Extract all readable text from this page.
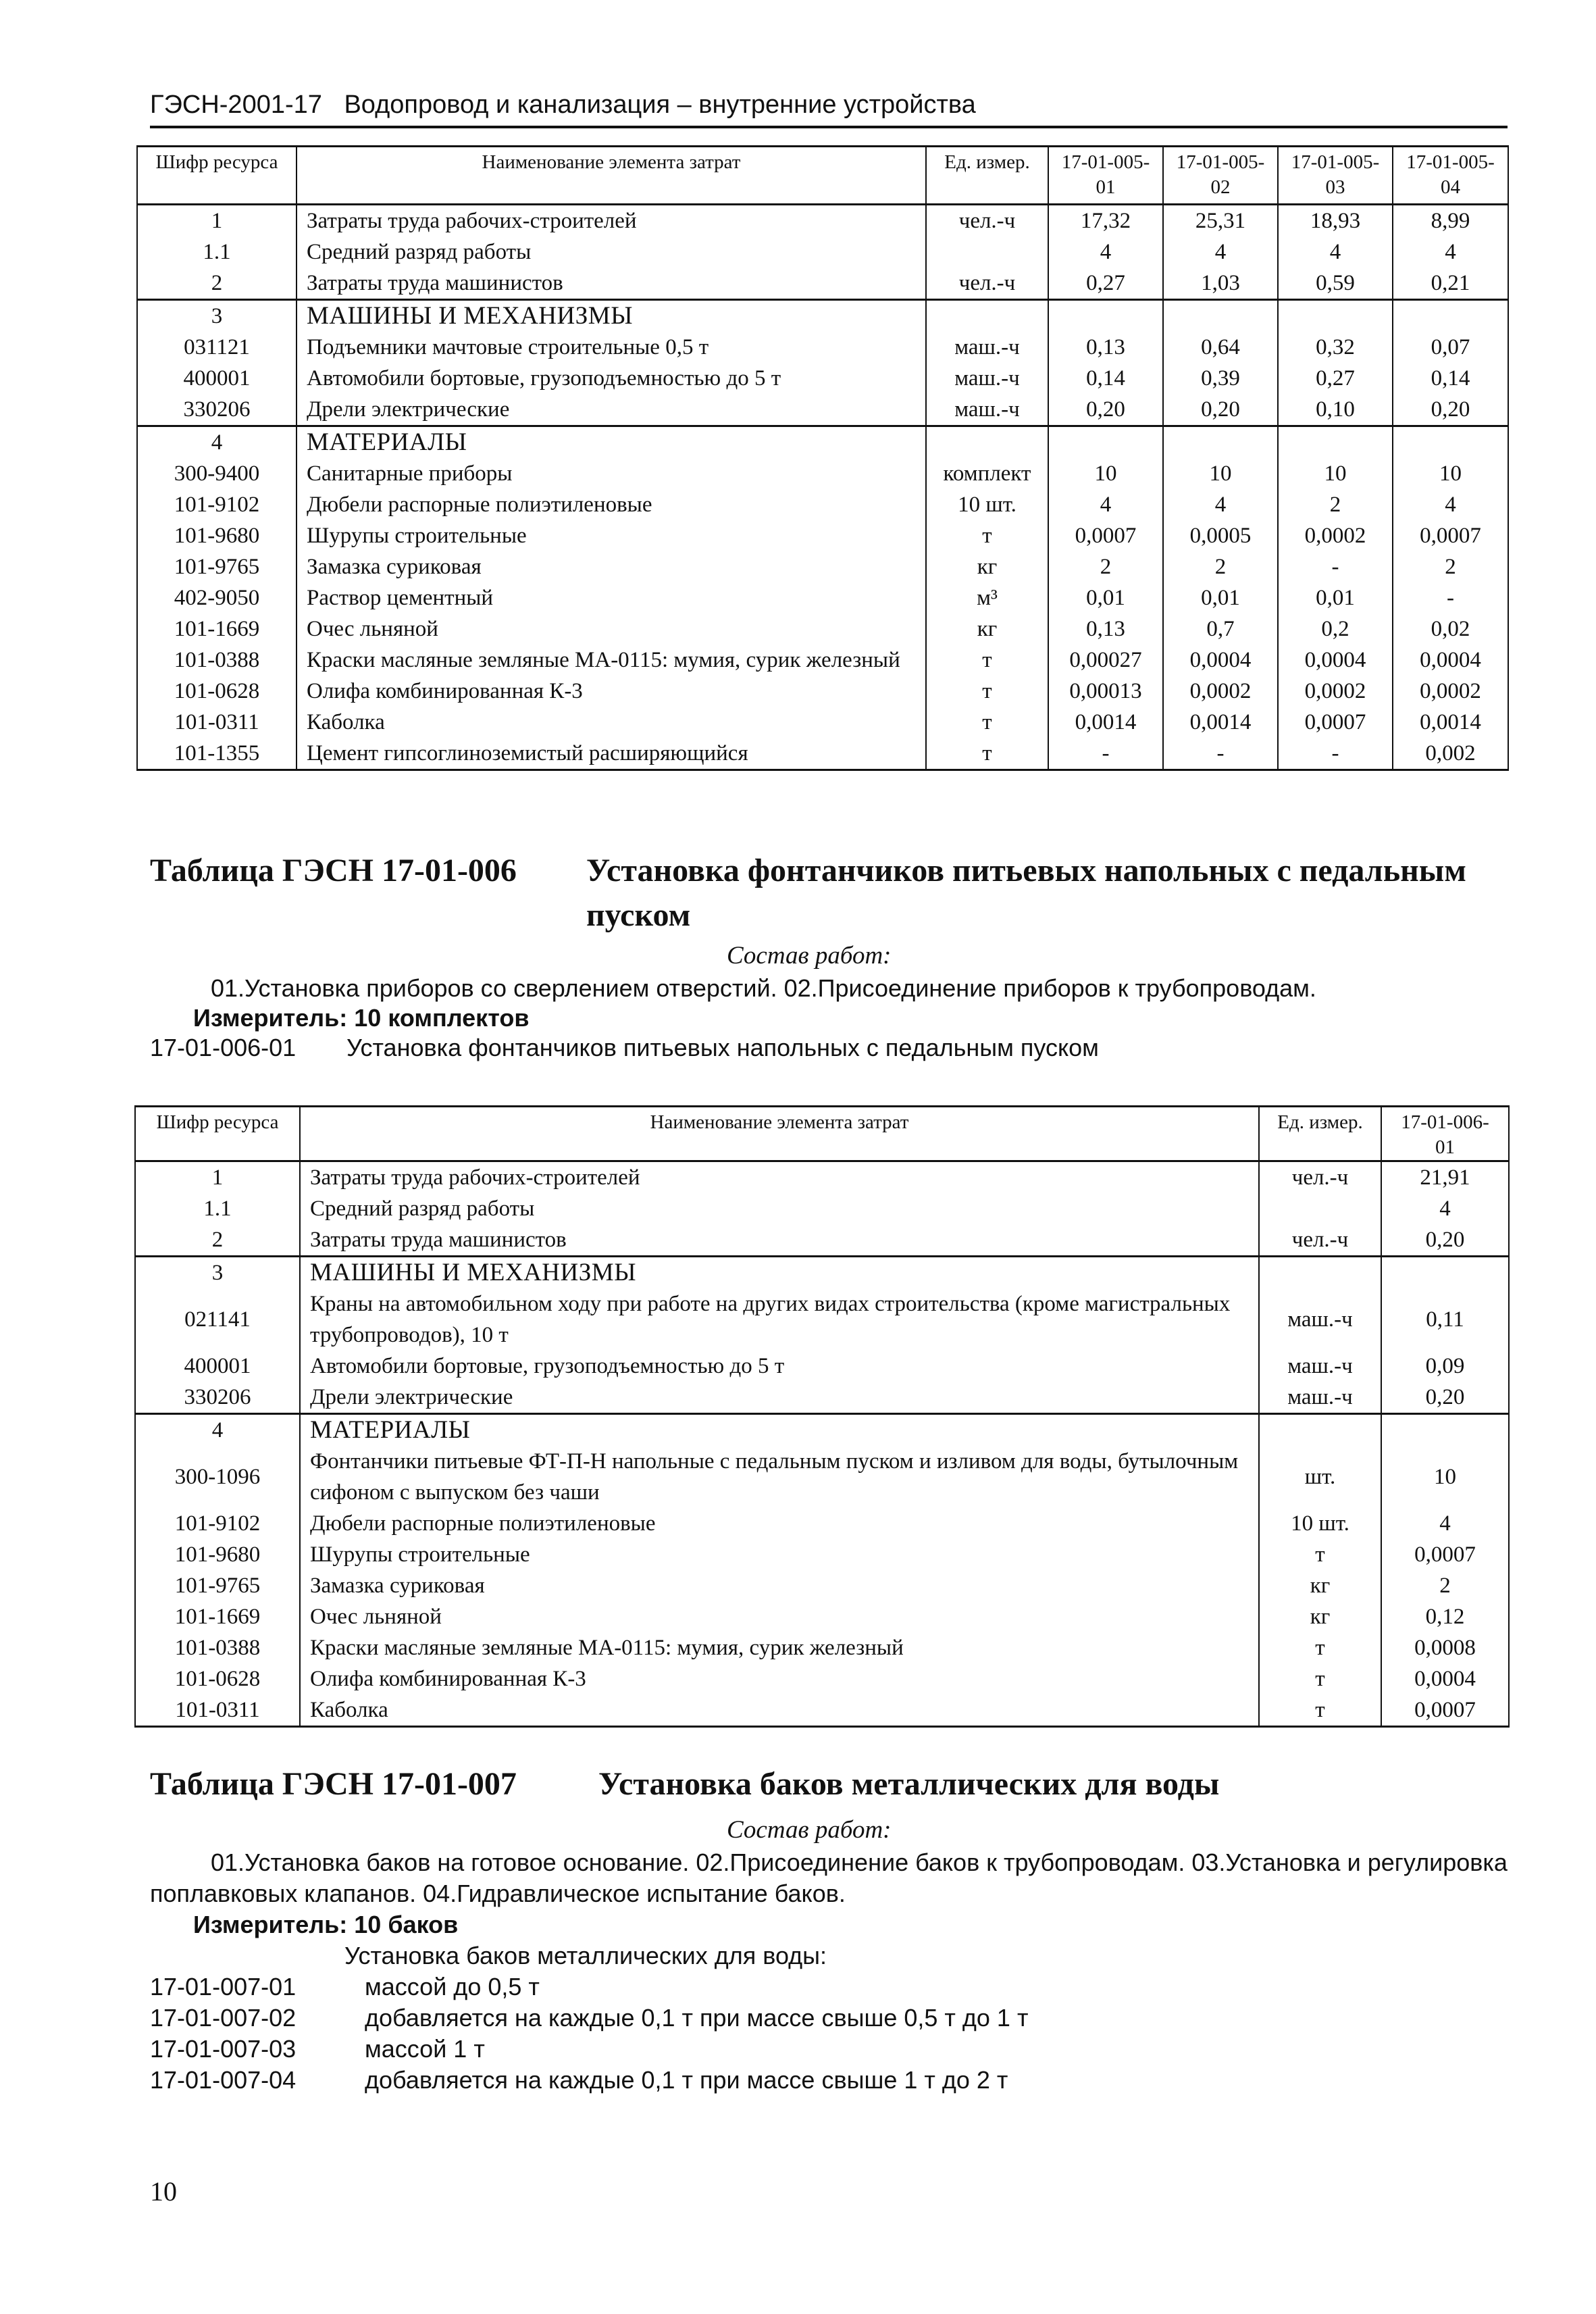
ГЭСН-2001-17 Водопровод и канализация – внутренние устройства
Шифр ресурса	Наименование элемента затрат	Ед. измер.	17-01-005-01	17-01-005-02	17-01-005-03	17-01-005-04
1	Затраты труда рабочих-строителей	чел.-ч	17,32	25,31	18,93	8,99
1.1	Средний разряд работы		4	4	4	4
2	Затраты труда машинистов	чел.-ч	0,27	1,03	0,59	0,21
3	МАШИНЫ И МЕХАНИЗМЫ					
031121	Подъемники мачтовые строительные 0,5 т	маш.-ч	0,13	0,64	0,32	0,07
400001	Автомобили бортовые, грузоподъемностью до 5 т	маш.-ч	0,14	0,39	0,27	0,14
330206	Дрели электрические	маш.-ч	0,20	0,20	0,10	0,20
4	МАТЕРИАЛЫ					
300-9400	Санитарные приборы	комплект	10	10	10	10
101-9102	Дюбели распорные полиэтиленовые	10 шт.	4	4	2	4
101-9680	Шурупы строительные	т	0,0007	0,0005	0,0002	0,0007
101-9765	Замазка суриковая	кг	2	2	-	2
402-9050	Раствор цементный	м³	0,01	0,01	0,01	-
101-1669	Очес льняной	кг	0,13	0,7	0,2	0,02
101-0388	Краски масляные земляные МА-0115: мумия, сурик железный	т	0,00027	0,0004	0,0004	0,0004
101-0628	Олифа комбинированная К-3	т	0,00013	0,0002	0,0002	0,0002
101-0311	Каболка	т	0,0014	0,0014	0,0007	0,0014
101-1355	Цемент гипсоглиноземистый расширяющийся	т	-	-	-	0,002
Таблица ГЭСН 17-01-006 Установка фонтанчиков питьевых напольных с педальным пуском
Состав работ:
01.Установка приборов со сверлением отверстий. 02.Присоединение приборов к трубопроводам.
Измеритель: 10 комплектов
17-01-006-01 Установка фонтанчиков питьевых напольных с педальным пуском
Шифр ресурса	Наименование элемента затрат	Ед. измер.	17-01-006-01
1	Затраты труда рабочих-строителей	чел.-ч	21,91
1.1	Средний разряд работы		4
2	Затраты труда машинистов	чел.-ч	0,20
3	МАШИНЫ И МЕХАНИЗМЫ		
021141	Краны на автомобильном ходу при работе на других видах строительства (кроме магистральных трубопроводов), 10 т	маш.-ч	0,11
400001	Автомобили бортовые, грузоподъемностью до 5 т	маш.-ч	0,09
330206	Дрели электрические	маш.-ч	0,20
4	МАТЕРИАЛЫ		
300-1096	Фонтанчики питьевые ФТ-П-Н напольные с педальным пуском и изливом для воды, бутылочным сифоном с выпуском без чаши	шт.	10
101-9102	Дюбели распорные полиэтиленовые	10 шт.	4
101-9680	Шурупы строительные	т	0,0007
101-9765	Замазка суриковая	кг	2
101-1669	Очес льняной	кг	0,12
101-0388	Краски масляные земляные МА-0115: мумия, сурик железный	т	0,0008
101-0628	Олифа комбинированная К-3	т	0,0004
101-0311	Каболка	т	0,0007
Таблица ГЭСН 17-01-007	Установка баков металлических для воды
Состав работ:
01.Установка баков на готовое основание. 02.Присоединение баков к трубопроводам. 03.Установка и регулировка поплавковых клапанов. 04.Гидравлическое испытание баков.
Измеритель: 10 баков
Установка баков металлических для воды:
17-01-007-01	массой до 0,5 т
17-01-007-02	добавляется на каждые 0,1 т при массе свыше 0,5 т до 1 т
17-01-007-03	массой 1 т
17-01-007-04	добавляется на каждые 0,1 т при массе свыше 1 т до 2 т
10
